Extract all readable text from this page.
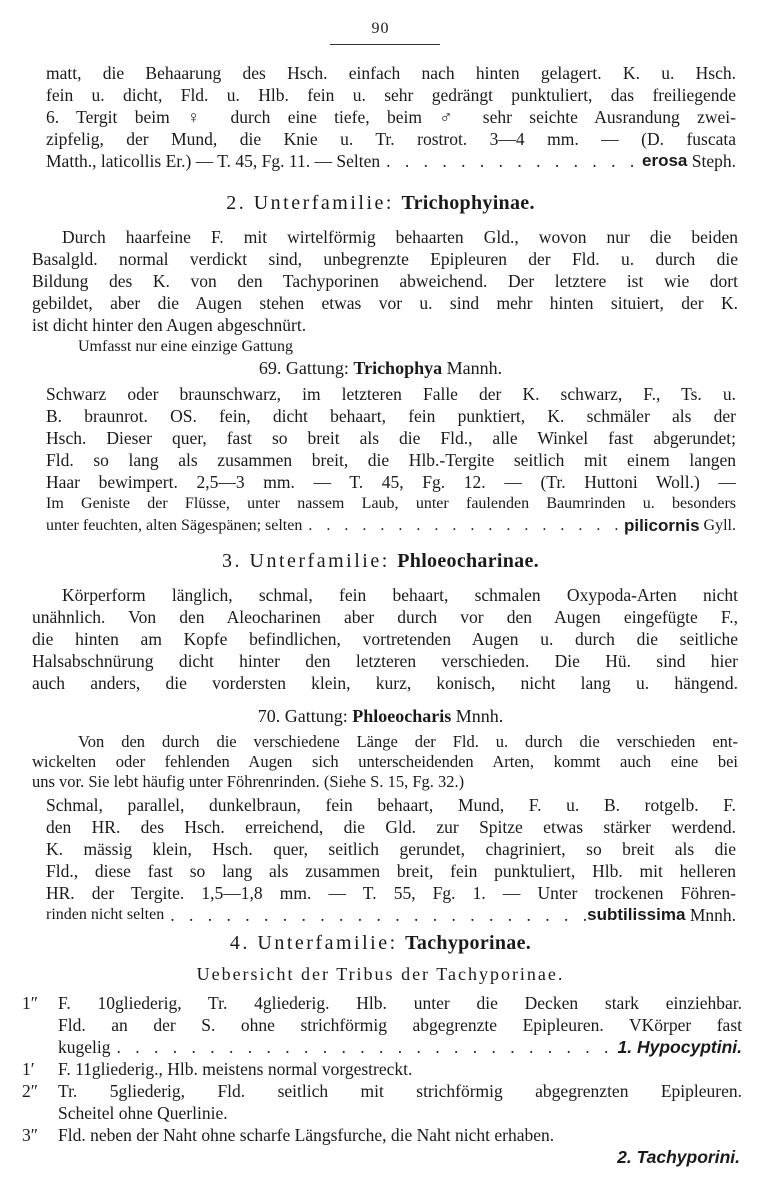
90
matt, die Behaarung des Hsch. einfach nach hinten gelagert. K. u. Hsch.
fein u. dicht, Fld. u. Hlb. fein u. sehr gedrängt punktuliert, das freiliegende
6. Tergit beim ♀ durch eine tiefe, beim ♂ sehr seichte Ausrandung zwei-
zipfelig, der Mund, die Knie u. Tr. rostrot. 3—4 mm. — (D. fuscata
Matth., laticollis Er.) — T. 45, Fg. 11. — Selten . . .	erosa Steph.
2. Unterfamilie: Trichophyinae.
Durch haarfeine F. mit wirtelförmig behaarten Gld., wovon nur die beiden
Basalgld. normal verdickt sind, unbegrenzte Epipleuren der Fld. u. durch die
Bildung des K. von den Tachyporinen abweichend. Der letztere ist wie dort
gebildet, aber die Augen stehen etwas vor u. sind mehr hinten situiert, der K.
ist dicht hinter den Augen abgeschnürt.
Umfasst nur eine einzige Gattung
69. Gattung: Trichophya Mannh.
Schwarz oder braunschwarz, im letzteren Falle der K. schwarz, F., Ts. u.
B. braunrot. OS. fein, dicht behaart, fein punktiert, K. schmäler als der
Hsch. Dieser quer, fast so breit als die Fld., alle Winkel fast abgerundet;
Fld. so lang als zusammen breit, die Hlb.-Tergite seitlich mit einem langen
Haar bewimpert. 2,5—3 mm. — T. 45, Fg. 12. — (Tr. Huttoni Woll.) —
Im Geniste der Flüsse, unter nassem Laub, unter faulenden Baumrinden u. besonders
unter feuchten, alten Sägespänen; selten . . .	pilicornis Gyll.
3. Unterfamilie: Phloeocharinae.
Körperform länglich, schmal, fein behaart, schmalen Oxypoda-Arten nicht
unähnlich. Von den Aleocharinen aber durch vor den Augen eingefügte F.,
die hinten am Kopfe befindlichen, vortretenden Augen u. durch die seitliche
Halsabschnürung dicht hinter den letzteren verschieden. Die Hü. sind hier
auch anders, die vordersten klein, kurz, konisch, nicht lang u. hängend.
70. Gattung: Phloeocharis Mnnh.
Von den durch die verschiedene Länge der Fld. u. durch die verschieden ent-
wickelten oder fehlenden Augen sich unterscheidenden Arten, kommt auch eine bei
uns vor. Sie lebt häufig unter Föhrenrinden. (Siehe S. 15, Fg. 32.)
Schmal, parallel, dunkelbraun, fein behaart, Mund, F. u. B. rotgelb. F.
den HR. des Hsch. erreichend, die Gld. zur Spitze etwas stärker werdend.
K. mässig klein, Hsch. quer, seitlich gerundet, chagriniert, so breit als die
Fld., diese fast so lang als zusammen breit, fein punktuliert, Hlb. mit helleren
HR. der Tergite. 1,5—1,8 mm. — T. 55, Fg. 1. — Unter trockenen Föhren-
rinden nicht selten . . .	subtilissima Mnnh.
4. Unterfamilie: Tachyporinae.
Uebersicht der Tribus der Tachyporinae.
1″	F. 10gliederig, Tr. 4gliederig. Hlb. unter die Decken stark einziehbar.
Fld. an der S. ohne strichförmig abgegrenzte Epipleuren. VKörper fast
kugelig . . .	1. Hypocyptini.
1′	F. 11gliederig., Hlb. meistens normal vorgestreckt.
2″	Tr. 5gliederig, Fld. seitlich mit strichförmig abgegrenzten Epipleuren.
Scheitel ohne Querlinie.
3″	Fld. neben der Naht ohne scharfe Längsfurche, die Naht nicht erhaben.
2. Tachyporini.
